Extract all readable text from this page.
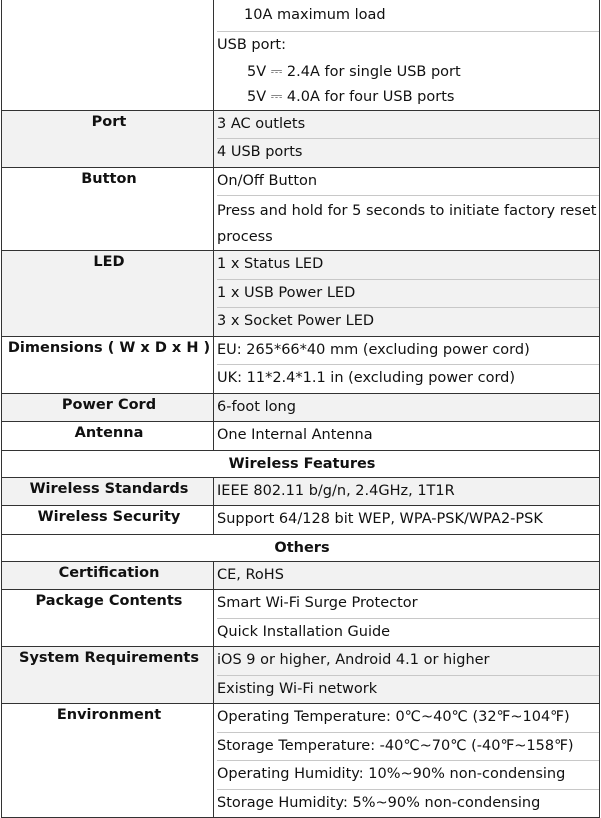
	10A maximum load
USB port:
5V ⎓ 2.4A for single USB port
5V ⎓ 4.0A for four USB ports

Port	3 AC outlets
4 USB ports

Button	On/Off Button
Press and hold for 5 seconds to initiate factory reset process

LED	1 x Status LED
1 x USB Power LED
3 x Socket Power LED

Dimensions ( W x D x H )	EU: 265*66*40 mm (excluding power cord)
UK: 11*2.4*1.1 in (excluding power cord)

Power Cord	6-foot long

Antenna	One Internal Antenna

Wireless Features	
Wireless Standards	IEEE 802.11 b/g/n, 2.4GHz, 1T1R

Wireless Security	Support 64/128 bit WEP, WPA-PSK/WPA2-PSK

Others	
Certification	CE, RoHS

Package Contents	Smart Wi-Fi Surge Protector
Quick Installation Guide

System Requirements	iOS 9 or higher, Android 4.1 or higher
Existing Wi-Fi network

Environment	Operating Temperature: 0℃~40℃ (32℉~104℉)
Storage Temperature: -40℃~70℃ (-40℉~158℉)
Operating Humidity: 10%~90% non-condensing
Storage Humidity: 5%~90% non-condensing
